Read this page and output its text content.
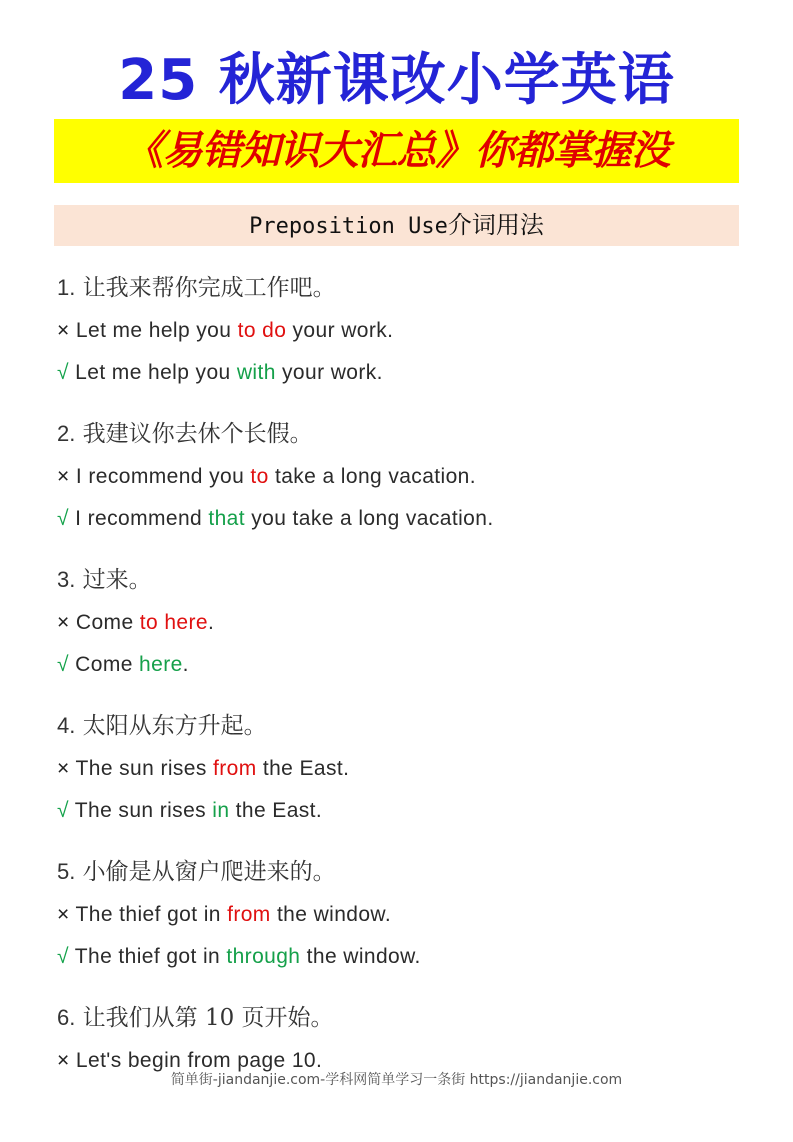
25 秋新课改小学英语
《易错知识大汇总》你都掌握没
Preposition Use介词用法
1. 让我来帮你完成工作吧。
× Let me help you to do your work.
√ Let me help you with your work.
2. 我建议你去休个长假。
× I recommend you to take a long vacation.
√ I recommend that you take a long vacation.
3. 过来。
× Come to here.
√ Come here.
4. 太阳从东方升起。
× The sun rises from the East.
√ The sun rises in the East.
5. 小偷是从窗户爬进来的。
× The thief got in from the window.
√ The thief got in through the window.
6. 让我们从第 10 页开始。
× Let's begin from page 10.
简单街-jiandanjie.com-学科网简单学习一条街 https://jiandanjie.com
